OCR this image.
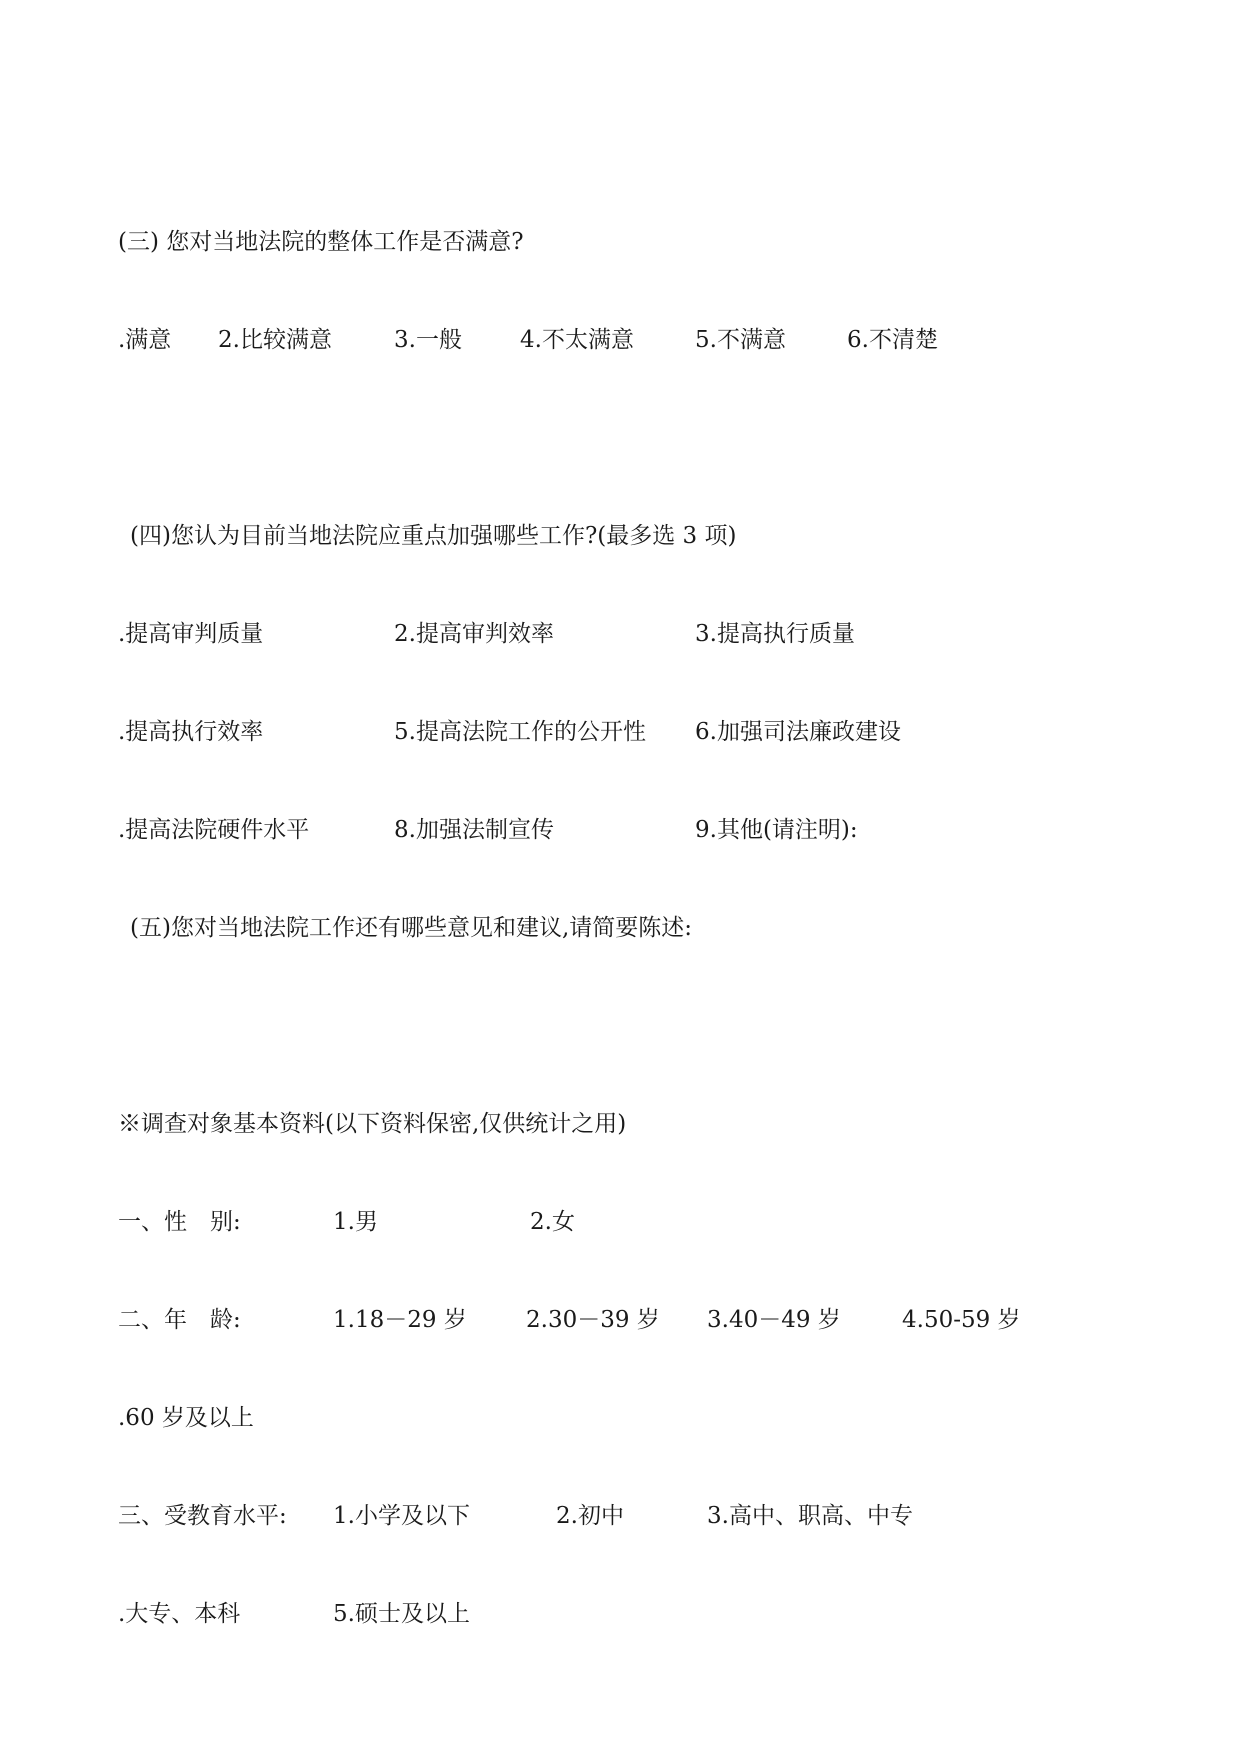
(三) 您对当地法院的整体工作是否满意?
.满意 2.比较满意	3.一般	4.不太满意	5.不满意	6.不清楚
(四)您认为目前当地法院应重点加强哪些工作?(最多选 3 项)
.提高审判质量	2.提高审判效率	3.提高执行质量
.提高执行效率	5.提高法院工作的公开性 6.加强司法廉政建设
.提高法院硬件水平	8.加强法制宣传	9.其他(请注明):
(五)您对当地法院工作还有哪些意见和建议,请简要陈述:
※调查对象基本资料(以下资料保密,仅供统计之用)
一、性　别:	1.男	2.女
二、年　龄:	1.18－29 岁	2.30－39 岁 3.40－49 岁	4.50-59 岁
.60 岁及以上
三、受教育水平: 1.小学及以下	2.初中	3.高中、职高、中专
.大专、本科	5.硕士及以上
